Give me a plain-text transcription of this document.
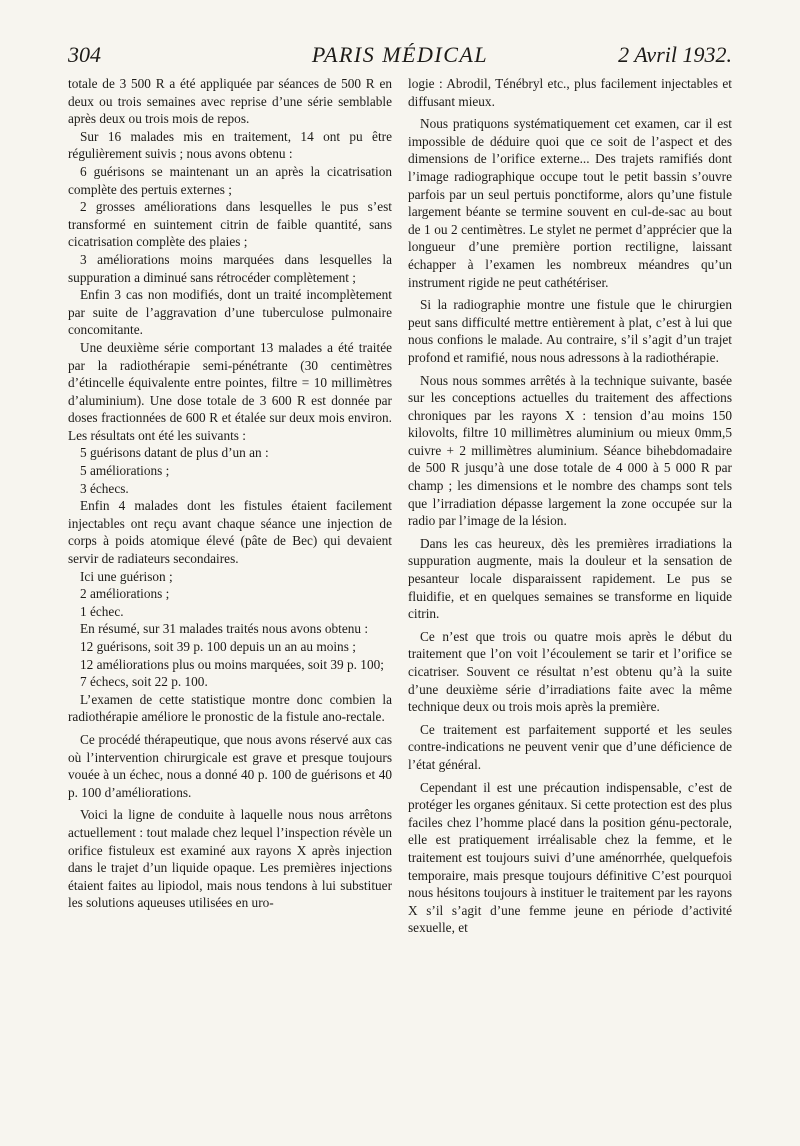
304	PARIS MÉDICAL	2 Avril 1932.

totale de 3 500 R a été appliquée par séances de 500 R en deux ou trois semaines avec reprise d’une série semblable après deux ou trois mois de repos.

Sur 16 malades mis en traitement, 14 ont pu être régulièrement suivis ; nous avons obtenu :

6 guérisons se maintenant un an après la cicatrisation complète des pertuis externes ;

2 grosses améliorations dans lesquelles le pus s’est transformé en suintement citrin de faible quantité, sans cicatrisation complète des plaies ;

3 améliorations moins marquées dans lesquelles la suppuration a diminué sans rétrocéder complètement ;

Enfin 3 cas non modifiés, dont un traité incomplètement par suite de l’aggravation d’une tuberculose pulmonaire concomitante.

Une deuxième série comportant 13 malades a été traitée par la radiothérapie semi-pénétrante (30 centimètres d’étincelle équivalente entre pointes, filtre = 10 millimètres d’aluminium). Une dose totale de 3 600 R est donnée par doses fractionnées de 600 R et étalée sur deux mois environ. Les résultats ont été les suivants :

5 guérisons datant de plus d’un an :

5 améliorations ;

3 échecs.

Enfin 4 malades dont les fistules étaient facilement injectables ont reçu avant chaque séance une injection de corps à poids atomique élevé (pâte de Bec) qui devaient servir de radiateurs secondaires.

Ici une guérison ;

2 améliorations ;

1 échec.

En résumé, sur 31 malades traités nous avons obtenu :

12 guérisons, soit 39 p. 100 depuis un an au moins ;

12 améliorations plus ou moins marquées, soit 39 p. 100;

7 échecs, soit 22 p. 100.

L’examen de cette statistique montre donc combien la radiothérapie améliore le pronostic de la fistule ano-rectale.

Ce procédé thérapeutique, que nous avons réservé aux cas où l’intervention chirurgicale est grave et presque toujours vouée à un échec, nous a donné 40 p. 100 de guérisons et 40 p. 100 d’améliorations.

Voici la ligne de conduite à laquelle nous nous arrêtons actuellement : tout malade chez lequel l’inspection révèle un orifice fistuleux est examiné aux rayons X après injection dans le trajet d’un liquide opaque. Les premières injections étaient faites au lipiodol, mais nous tendons à lui substituer les solutions aqueuses utilisées en uro-

logie : Abrodil, Ténébryl etc., plus facilement injectables et diffusant mieux.

Nous pratiquons systématiquement cet examen, car il est impossible de déduire quoi que ce soit de l’aspect et des dimensions de l’orifice externe... Des trajets ramifiés dont l’image radiographique occupe tout le petit bassin s’ouvre parfois par un seul pertuis ponctiforme, alors qu’une fistule largement béante se termine souvent en cul-de-sac au bout de 1 ou 2 centimètres. Le stylet ne permet d’apprécier que la longueur d’une première portion rectiligne, laissant échapper à l’examen les nombreux méandres qu’un instrument rigide ne peut cathétériser.

Si la radiographie montre une fistule que le chirurgien peut sans difficulté mettre entièrement à plat, c’est à lui que nous confions le malade. Au contraire, s’il s’agit d’un trajet profond et ramifié, nous nous adressons à la radiothérapie.

Nous nous sommes arrêtés à la technique suivante, basée sur les conceptions actuelles du traitement des affections chroniques par les rayons X : tension d’au moins 150 kilovolts, filtre 10 millimètres aluminium ou mieux 0mm,5 cuivre + 2 millimètres aluminium. Séance bihebdomadaire de 500 R jusqu’à une dose totale de 4 000 à 5 000 R par champ ; les dimensions et le nombre des champs sont tels que l’irradiation dépasse largement la zone occupée sur la radio par l’image de la lésion.

Dans les cas heureux, dès les premières irradiations la suppuration augmente, mais la douleur et la sensation de pesanteur locale disparaissent rapidement. Le pus se fluidifie, et en quelques semaines se transforme en liquide citrin.

Ce n’est que trois ou quatre mois après le début du traitement que l’on voit l’écoulement se tarir et l’orifice se cicatriser. Souvent ce résultat n’est obtenu qu’à la suite d’une deuxième série d’irradiations faite avec la même technique deux ou trois mois après la première.

Ce traitement est parfaitement supporté et les seules contre-indications ne peuvent venir que d’une déficience de l’état général.

Cependant il est une précaution indispensable, c’est de protéger les organes génitaux. Si cette protection est des plus faciles chez l’homme placé dans la position génu-pectorale, elle est pratiquement irréalisable chez la femme, et le traitement est toujours suivi d’une aménorrhée, quelquefois temporaire, mais presque toujours définitive C’est pourquoi nous hésitons toujours à instituer le traitement par les rayons X s’il s’agit d’une femme jeune en période d’activité sexuelle, et
